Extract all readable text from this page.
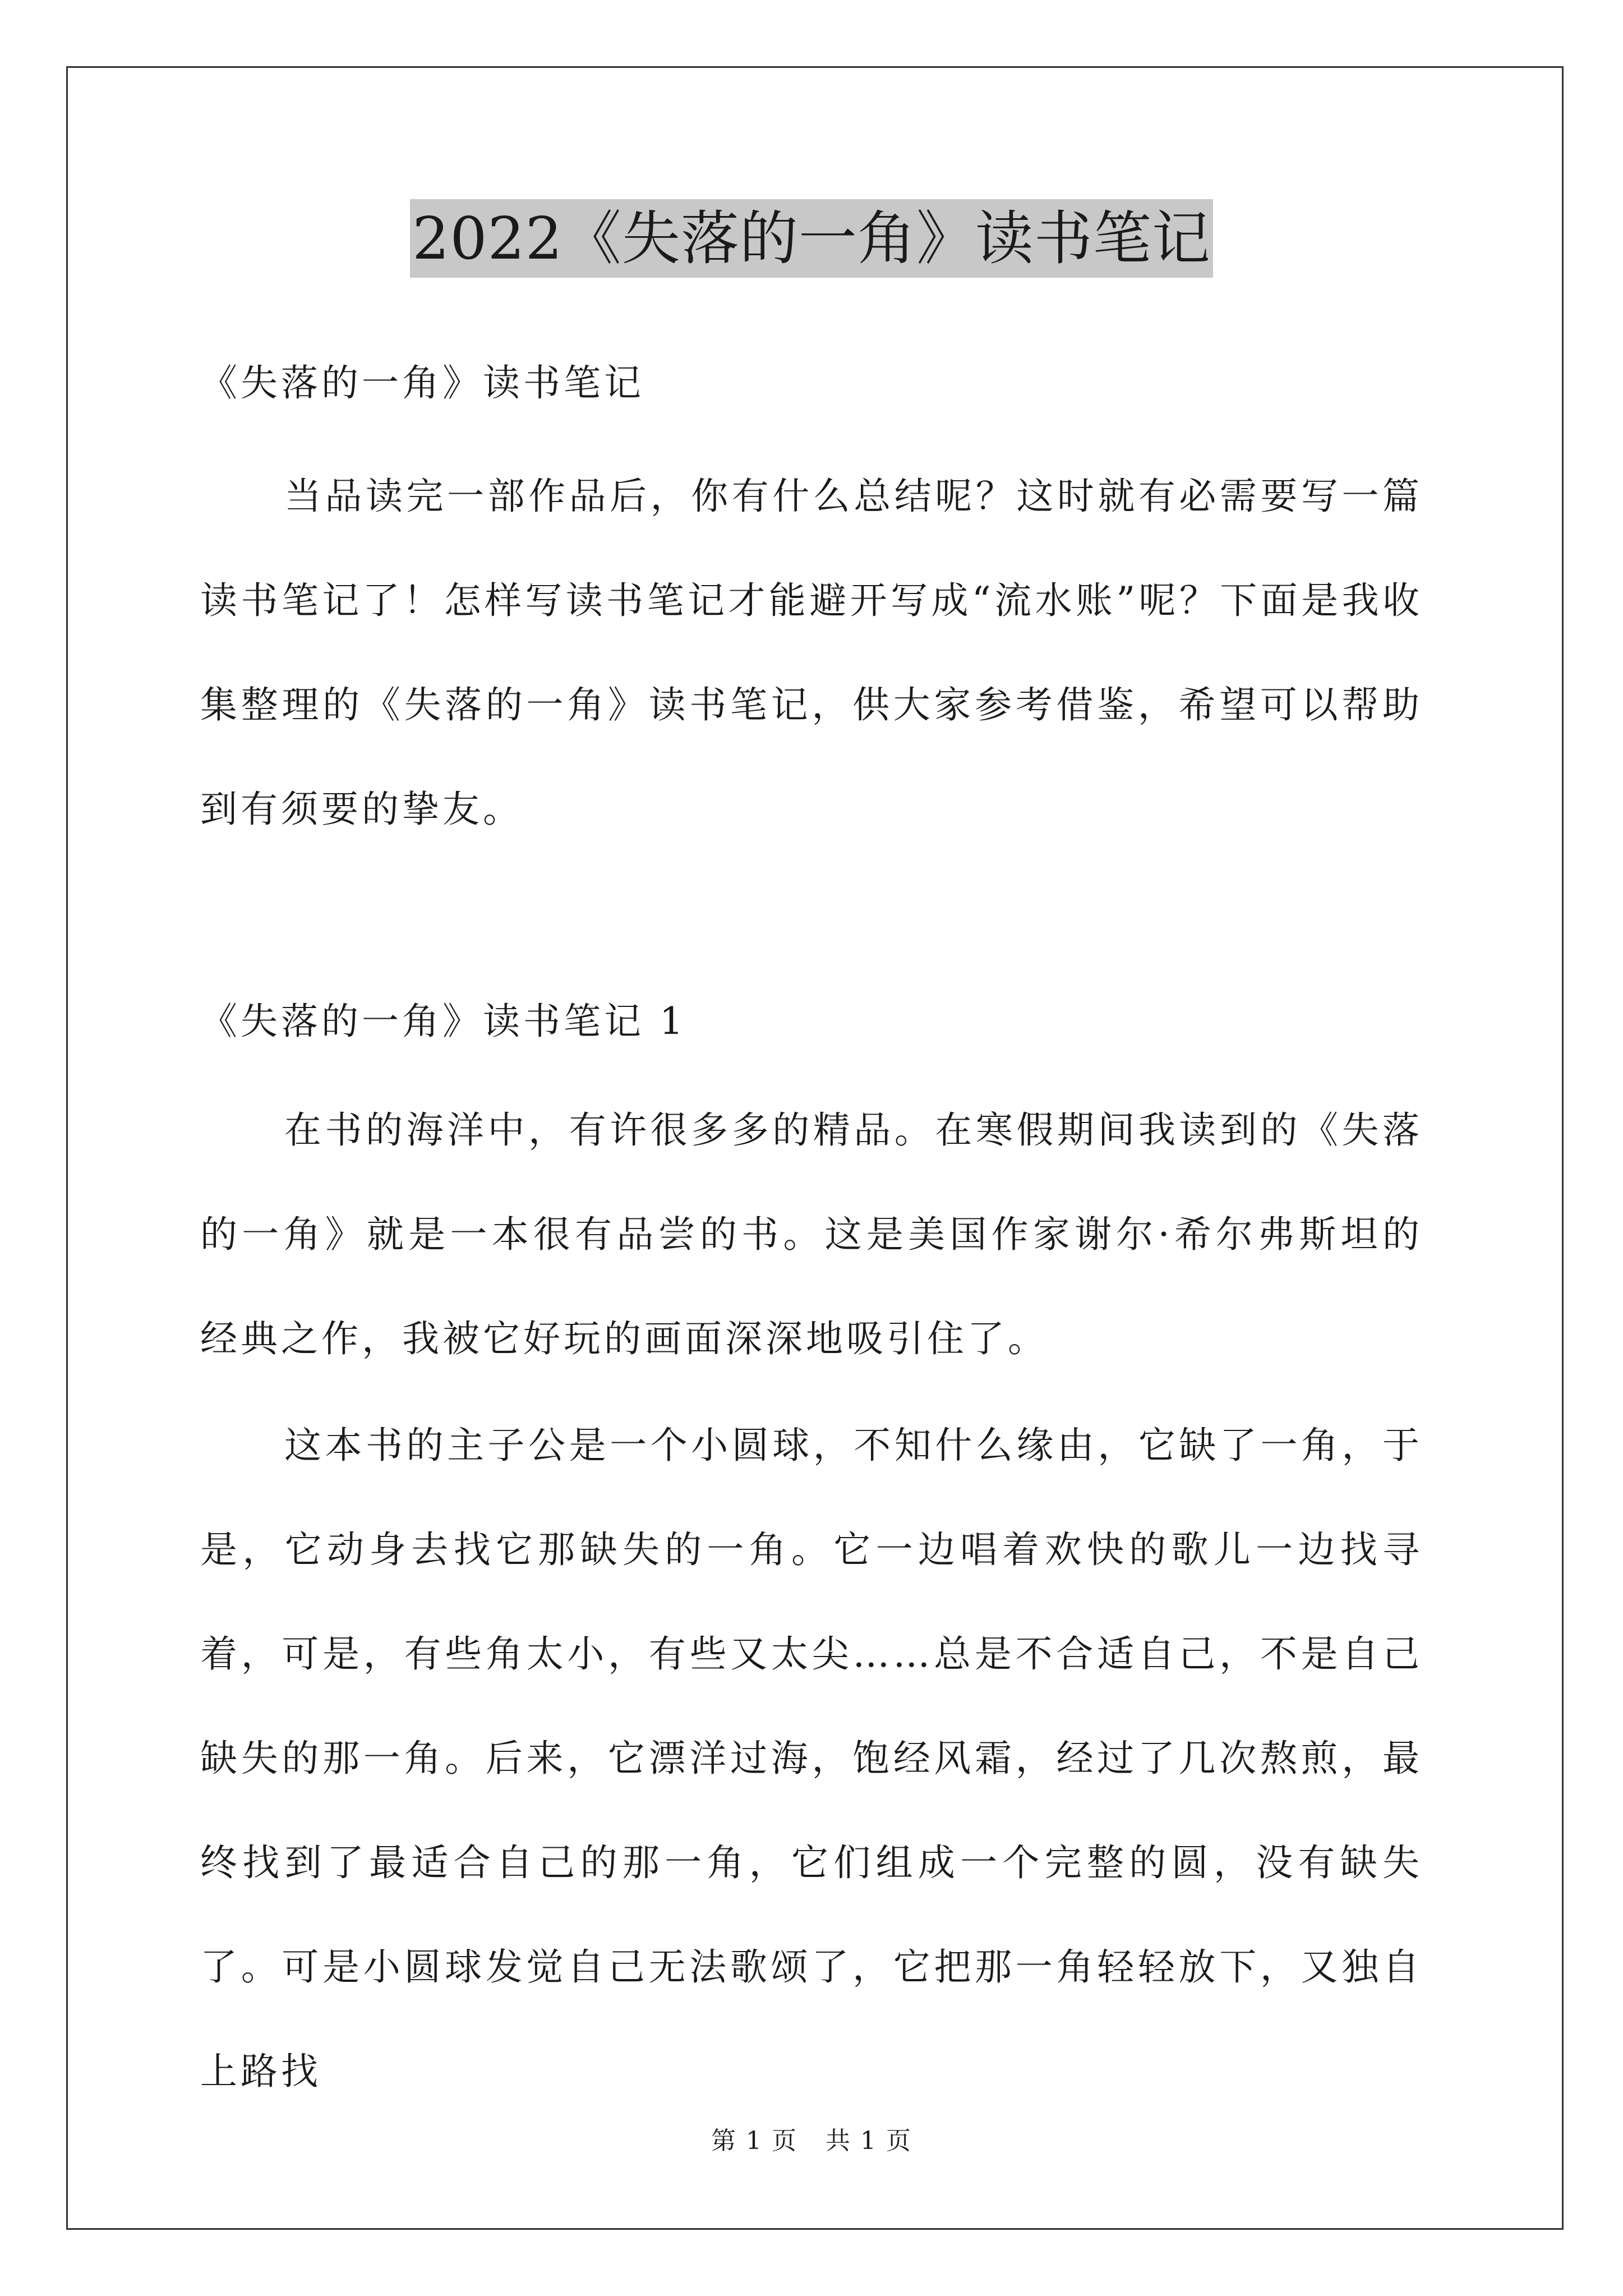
2022《失落的一角》读书笔记
《失落的一角》读书笔记

当品读完一部作品后，你有什么总结呢？这时就有必需要写一篇读书笔记了！怎样写读书笔记才能避开写成“流水账”呢？下面是我收集整理的《失落的一角》读书笔记，供大家参考借鉴，希望可以帮助到有须要的挚友。

《失落的一角》读书笔记 1

在书的海洋中，有许很多多的精品。在寒假期间我读到的《失落的一角》就是一本很有品尝的书。这是美国作家谢尔·希尔弗斯坦的经典之作，我被它好玩的画面深深地吸引住了。

这本书的主子公是一个小圆球，不知什么缘由，它缺了一角，于是，它动身去找它那缺失的一角。它一边唱着欢快的歌儿一边找寻着，可是，有些角太小，有些又太尖……总是不合适自己，不是自己缺失的那一角。后来，它漂洋过海，饱经风霜，经过了几次熬煎，最终找到了最适合自己的那一角，它们组成一个完整的圆，没有缺失了。可是小圆球发觉自己无法歌颂了，它把那一角轻轻放下，又独自上路找

第 1 页 共 1 页
